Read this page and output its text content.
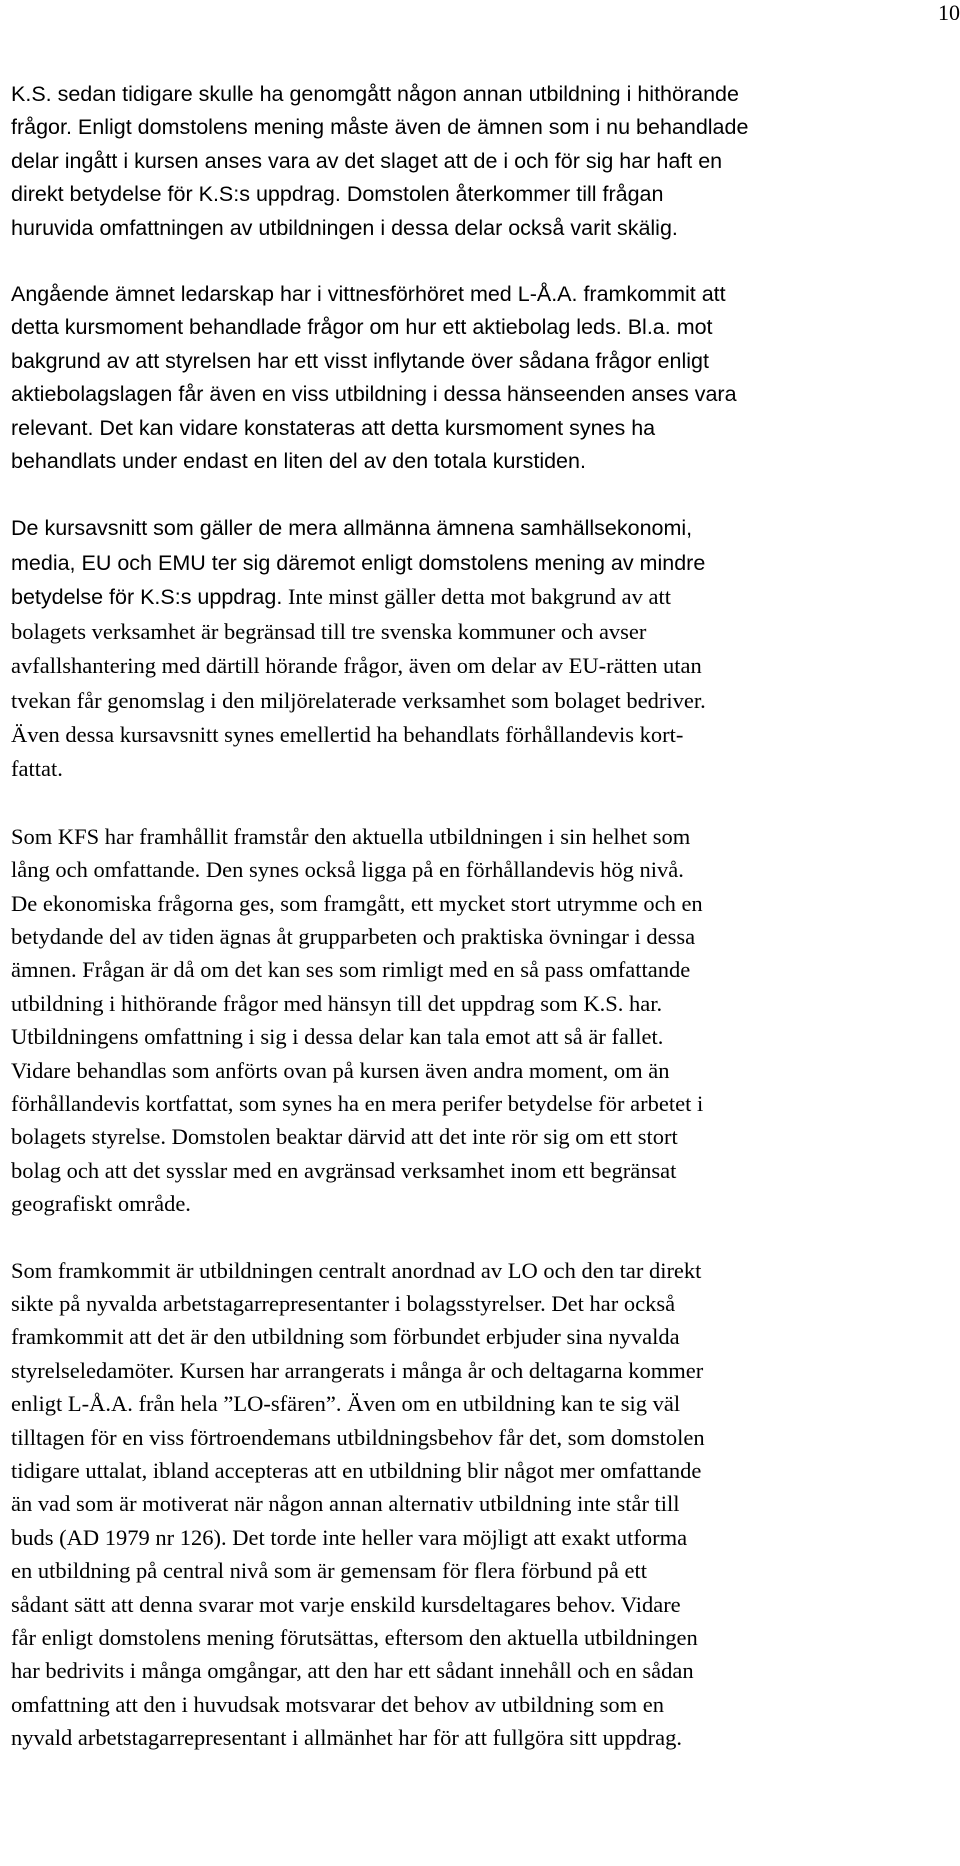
10

K.S. sedan tidigare skulle ha genomgått någon annan utbildning i hithörande
frågor. Enligt domstolens mening måste även de ämnen som i nu behandlade
delar ingått i kursen anses vara av det slaget att de i och för sig har haft en
direkt betydelse för K.S:s uppdrag. Domstolen återkommer till frågan
huruvida omfattningen av utbildningen i dessa delar också varit skälig.

Angående ämnet ledarskap har i vittnesförhöret med L-Å.A. framkommit att
detta kursmoment behandlade frågor om hur ett aktiebolag leds. Bl.a. mot
bakgrund av att styrelsen har ett visst inflytande över sådana frågor enligt
aktiebolagslagen får även en viss utbildning i dessa hänseenden anses vara
relevant. Det kan vidare konstateras att detta kursmoment synes ha
behandlats under endast en liten del av den totala kurstiden.

De kursavsnitt som gäller de mera allmänna ämnena samhällsekonomi,
media, EU och EMU ter sig däremot enligt domstolens mening av mindre
betydelse för K.S:s uppdrag. Inte minst gäller detta mot bakgrund av att
bolagets verksamhet är begränsad till tre svenska kommuner och avser
avfallshantering med därtill hörande frågor, även om delar av EU-rätten utan
tvekan får genomslag i den miljörelaterade verksamhet som bolaget bedriver.
Även dessa kursavsnitt synes emellertid ha behandlats förhållandevis kort-
fattat.

Som KFS har framhållit framstår den aktuella utbildningen i sin helhet som
lång och omfattande. Den synes också ligga på en förhållandevis hög nivå.
De ekonomiska frågorna ges, som framgått, ett mycket stort utrymme och en
betydande del av tiden ägnas åt grupparbeten och praktiska övningar i dessa
ämnen. Frågan är då om det kan ses som rimligt med en så pass omfattande
utbildning i hithörande frågor med hänsyn till det uppdrag som K.S. har.
Utbildningens omfattning i sig i dessa delar kan tala emot att så är fallet.
Vidare behandlas som anförts ovan på kursen även andra moment, om än
förhållandevis kortfattat, som synes ha en mera perifer betydelse för arbetet i
bolagets styrelse. Domstolen beaktar därvid att det inte rör sig om ett stort
bolag och att det sysslar med en avgränsad verksamhet inom ett begränsat
geografiskt område.

Som framkommit är utbildningen centralt anordnad av LO och den tar direkt
sikte på nyvalda arbetstagarrepresentanter i bolagsstyrelser. Det har också
framkommit att det är den utbildning som förbundet erbjuder sina nyvalda
styrelseledamöter. Kursen har arrangerats i många år och deltagarna kommer
enligt L-Å.A. från hela ”LO-sfären”. Även om en utbildning kan te sig väl
tilltagen för en viss förtroendemans utbildningsbehov får det, som domstolen
tidigare uttalat, ibland accepteras att en utbildning blir något mer omfattande
än vad som är motiverat när någon annan alternativ utbildning inte står till
buds (AD 1979 nr 126). Det torde inte heller vara möjligt att exakt utforma
en utbildning på central nivå som är gemensam för flera förbund på ett
sådant sätt att denna svarar mot varje enskild kursdeltagares behov. Vidare
får enligt domstolens mening förutsättas, eftersom den aktuella utbildningen
har bedrivits i många omgångar, att den har ett sådant innehåll och en sådan
omfattning att den i huvudsak motsvarar det behov av utbildning som en
nyvald arbetstagarrepresentant i allmänhet har för att fullgöra sitt uppdrag.
